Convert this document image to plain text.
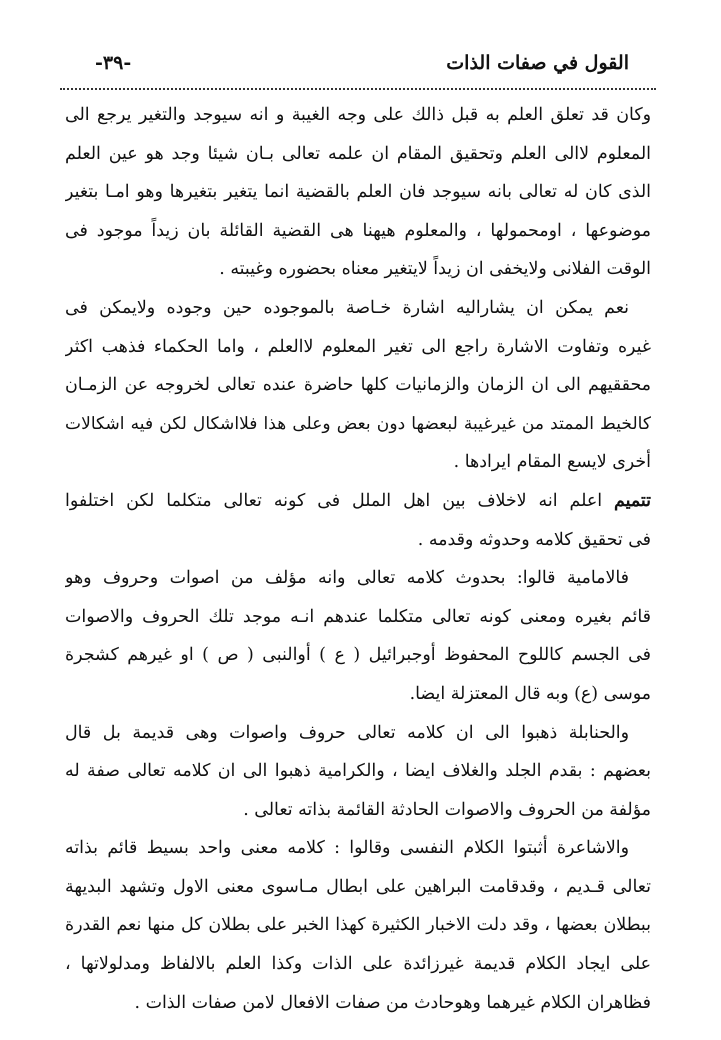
القول في صفات الذات
-٣٩-
وكان قد تعلق العلم به قبل ذالك على وجه الغيبة و انه سيوجد والتغير يرجع الى
المعلوم لاالى العلم وتحقيق المقام ان علمه تعالى بـان شيئا وجد هو عين العلم
الذى كان له تعالى بانه سيوجد فان العلم بالقضية انما يتغير بتغيرها وهو امـا بتغير
موضوعها ، اومحمولها ، والمعلوم هيهنا هى القضية القائلة بان زيداً موجود فى
الوقت الفلانى ولايخفى ان زيداً لايتغير معناه بحضوره وغيبته .
نعم يمكن ان يشاراليه اشارة خـاصة بالموجوده حين وجوده ولايمكن فى
غيره وتفاوت الاشارة راجع الى تغير المعلوم لاالعلم ، واما الحكماء فذهب اكثر
محققيهم الى ان الزمان والزمانيات كلها حاضرة عنده تعالى لخروجه عن الزمـان
كالخيط الممتد من غيرغيبة لبعضها دون بعض وعلى هذا فلااشكال لكن فيه اشكالات
أخرى لايسع المقام ايرادها .
تتميم اعلم انه لاخلاف بين اهل الملل فى كونه تعالى متكلما لكن اختلفوا
فى تحقيق كلامه وحدوثه وقدمه .
فالامامية قالوا: بحدوث كلامه تعالى وانه مؤلف من اصوات وحروف وهو
قائم بغيره ومعنى كونه تعالى متكلما عندهم انـه موجد تلك الحروف والاصوات
فى الجسم كاللوح المحفوظ أوجبرائيل ( ع ) أوالنبى ( ص ) او غيرهم كشجرة
موسى (ع) وبه قال المعتزلة ايضا.
والحنابلة ذهبوا الى ان كلامه تعالى حروف واصوات وهى قديمة بل قال
بعضهم : بقدم الجلد والغلاف ايضا ، والكرامية ذهبوا الى ان كلامه تعالى صفة له
مؤلفة من الحروف والاصوات الحادثة القائمة بذاته تعالى .
والاشاعرة أثبتوا الكلام النفسى وقالوا : كلامه معنى واحد بسيط قائم بذاته
تعالى قـديم ، وقدقامت البراهين على ابطال مـاسوى معنى الاول وتشهد البديهة
ببطلان بعضها ، وقد دلت الاخبار الكثيرة كهذا الخبر على بطلان كل منها نعم القدرة
على ايجاد الكلام قديمة غيرزائدة على الذات وكذا العلم بالالفاظ ومدلولاتها ،
فظاهران الكلام غيرهما وهوحادث من صفات الافعال لامن صفات الذات .
